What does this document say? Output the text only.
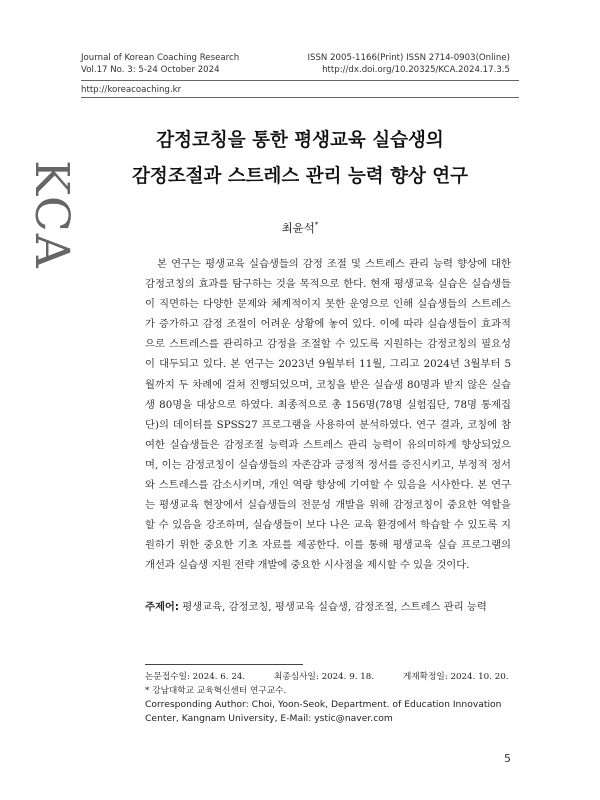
Journal of Korean Coaching Research
Vol.17 No. 3: 5-24 October 2024
ISSN 2005-1166(Print) ISSN 2714-0903(Online)
http://dx.doi.org/10.20325/KCA.2024.17.3.5
http://koreacoaching.kr
KCA
감정코칭을 통한 평생교육 실습생의
감정조절과 스트레스 관리 능력 향상 연구
최윤석*

본 연구는 평생교육 실습생들의 감정 조절 및 스트레스 관리 능력 향상에 대한 감정코칭의 효과를 탐구하는 것을 목적으로 한다. 현재 평생교육 실습은 실습생들이 직면하는 다양한 문제와 체계적이지 못한 운영으로 인해 실습생들의 스트레스가 증가하고 감정 조절이 어려운 상황에 놓여 있다. 이에 따라 실습생들이 효과적으로 스트레스를 관리하고 감정을 조절할 수 있도록 지원하는 감정코칭의 필요성이 대두되고 있다. 본 연구는 2023년 9월부터 11월, 그리고 2024년 3월부터 5월까지 두 차례에 걸쳐 진행되었으며, 코칭을 받은 실습생 80명과 받지 않은 실습생 80명을 대상으로 하였다. 최종적으로 총 156명(78명 실험집단, 78명 통제집단)의 데이터를 SPSS27 프로그램을 사용하여 분석하였다. 연구 결과, 코칭에 참여한 실습생들은 감정조절 능력과 스트레스 관리 능력이 유의미하게 향상되었으며, 이는 감정코칭이 실습생들의 자존감과 긍정적 정서를 증진시키고, 부정적 정서와 스트레스를 감소시키며, 개인 역량 향상에 기여할 수 있음을 시사한다. 본 연구는 평생교육 현장에서 실습생들의 전문성 개발을 위해 감정코칭이 중요한 역할을 할 수 있음을 강조하며, 실습생들이 보다 나은 교육 환경에서 학습할 수 있도록 지원하기 위한 중요한 기초 자료를 제공한다. 이를 통해 평생교육 실습 프로그램의 개선과 실습생 지원 전략 개발에 중요한 시사점을 제시할 수 있을 것이다.

주제어: 평생교육, 감정코칭, 평생교육 실습생, 감정조절, 스트레스 관리 능력
논문접수일: 2024. 6. 24.	최종심사일: 2024. 9. 18.	게재확정일: 2024. 10. 20.
* 강남대학교 교육혁신센터 연구교수.
Corresponding Author: Choi, Yoon-Seok, Department. of Education Innovation Center, Kangnam University, E-Mail: ystic@naver.com
5
